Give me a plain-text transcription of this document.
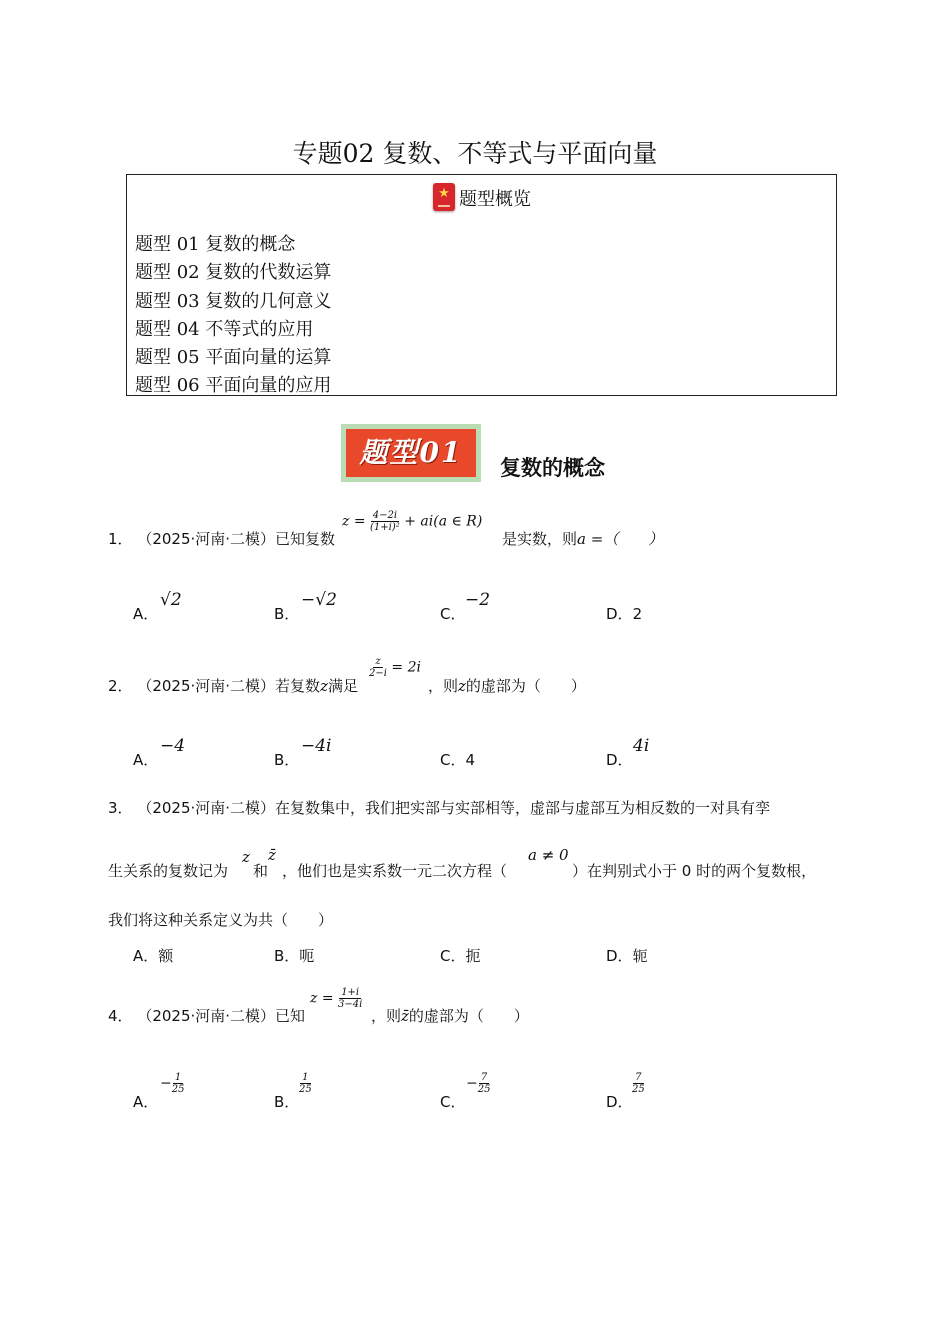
专题02 复数、不等式与平面向量
★ 题型概览
题型 01 复数的概念
题型 02 复数的代数运算
题型 03 复数的几何意义
题型 04 不等式的应用
题型 05 平面向量的运算
题型 06 平面向量的应用
题型01	复数的概念
1． （2025·河南·二模）已知复数
$z = \frac{4-2i}{\text{(1+i)²}} + ai(a$ ∈ R)
是实数，则a =（　　）
A．
√2
B．
−√2
C．
−2
D．2
2． （2025·河南·二模）若复数z满足
$\frac{z}{2-i} = 2i$
，则z的虚部为（　　）
A．
−4
B．
−4i
C．4	D．
4i
3． （2025·河南·二模）在复数集中，我们把实部与实部相等，虚部与虚部互为相反数的一对具有孪
生关系的复数记为
z
和
z̄
，他们也是实系数一元二次方程（
a ≠ 0
）在判别式小于 0 时的两个复数根，
我们将这种关系定义为共（　　）
A．额	B．呃	C．扼	D．轭
4． （2025·河南·二模）已知
$z = \frac{1+i}{3-4i}$
，则z̄的虚部为（　　）
A．
− $\frac{1}{25}$
B．
$\frac{1}{25}$
C．
− $\frac{7}{25}$
D．
$\frac{7}{25}$
